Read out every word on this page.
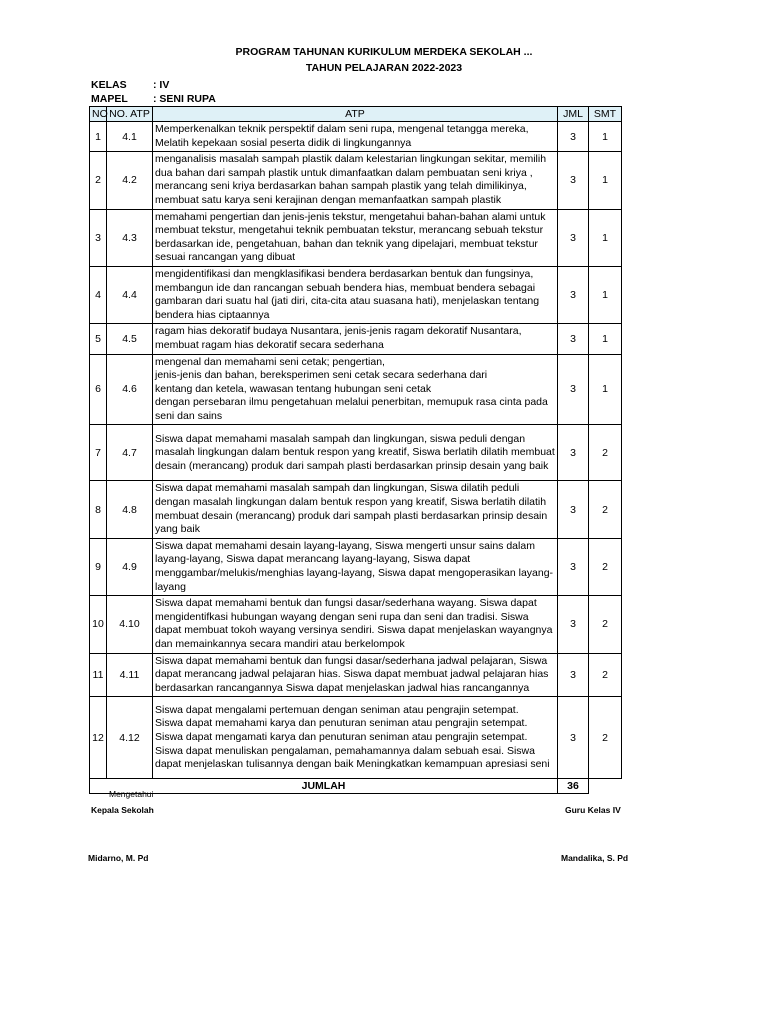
PROGRAM TAHUNAN KURIKULUM MERDEKA SEKOLAH ...
TAHUN PELAJARAN 2022-2023
KELAS	: IV
MAPEL : SENI RUPA
NO	NO. ATP	ATP	JML	SMT
1	4.1	Memperkenalkan teknik perspektif dalam seni rupa, mengenal tetangga mereka,
Melatih kepekaan sosial peserta didik di lingkungannya	3	1
2	4.2	menganalisis masalah sampah plastik dalam kelestarian lingkungan sekitar, memilih dua bahan dari sampah plastik untuk dimanfaatkan dalam pembuatan seni kriya , merancang seni kriya berdasarkan bahan sampah plastik yang telah dimilikinya, membuat satu karya seni kerajinan dengan memanfaatkan sampah plastik	3	1
3	4.3	memahami pengertian dan jenis-jenis tekstur, mengetahui bahan-bahan alami untuk membuat tekstur, mengetahui teknik pembuatan tekstur, merancang sebuah tekstur berdasarkan ide, pengetahuan, bahan dan teknik yang dipelajari, membuat tekstur sesuai rancangan yang dibuat	3	1
4	4.4	mengidentifikasi dan mengklasifikasi bendera berdasarkan bentuk dan fungsinya, membangun ide dan rancangan sebuah bendera hias, membuat bendera sebagai gambaran dari suatu hal (jati diri, cita-cita atau suasana hati), menjelaskan tentang bendera hias ciptaannya	3	1
5	4.5	ragam hias dekoratif budaya Nusantara, jenis-jenis ragam dekoratif Nusantara, membuat ragam hias dekoratif secara sederhana	3	1
6	4.6	mengenal dan memahami seni cetak; pengertian,
jenis-jenis dan bahan, bereksperimen seni cetak secara sederhana dari
kentang dan ketela, wawasan tentang hubungan seni cetak
dengan persebaran ilmu pengetahuan melalui penerbitan, memupuk rasa cinta pada seni dan sains	3	1
7	4.7	Siswa dapat memahami masalah sampah dan lingkungan, siswa peduli dengan masalah lingkungan dalam bentuk respon yang kreatif, Siswa berlatih dilatih membuat desain (merancang) produk dari sampah plasti berdasarkan prinsip desain yang baik	3	2
8	4.8	Siswa dapat memahami masalah sampah dan lingkungan, Siswa dilatih peduli dengan masalah lingkungan dalam bentuk respon yang kreatif, Siswa berlatih dilatih membuat desain (merancang) produk dari sampah plasti berdasarkan prinsip desain yang baik	3	2
9	4.9	Siswa dapat memahami desain layang-layang, Siswa mengerti unsur sains dalam layang-layang, Siswa dapat merancang layang-layang, Siswa dapat menggambar/melukis/menghias layang-layang, Siswa dapat mengoperasikan layang-layang	3	2
10	4.10	Siswa dapat memahami bentuk dan fungsi dasar/sederhana wayang. Siswa dapat mengidentifkasi hubungan wayang dengan seni rupa dan seni dan tradisi. Siswa dapat membuat tokoh wayang versinya sendiri. Siswa dapat menjelaskan wayangnya dan memainkannya secara mandiri atau berkelompok	3	2
11	4.11	Siswa dapat memahami bentuk dan fungsi dasar/sederhana jadwal pelajaran, Siswa dapat merancang jadwal pelajaran hias. Siswa dapat membuat jadwal pelajaran hias berdasarkan rancangannya Siswa dapat menjelaskan jadwal hias rancangannya	3	2
12	4.12	Siswa dapat mengalami pertemuan dengan seniman atau pengrajin setempat.
Siswa dapat memahami karya dan penuturan seniman atau pengrajin setempat.
Siswa dapat mengamati karya dan penuturan seniman atau pengrajin setempat.
Siswa dapat menuliskan pengalaman, pemahamannya dalam sebuah esai. Siswa dapat menjelaskan tulisannya dengan baik Meningkatkan kemampuan apresiasi seni	3	2
JUMLAH			36	
Mengetahui
Kepala Sekolah	Guru Kelas IV
Midarno, M. Pd	Mandalika, S. Pd
